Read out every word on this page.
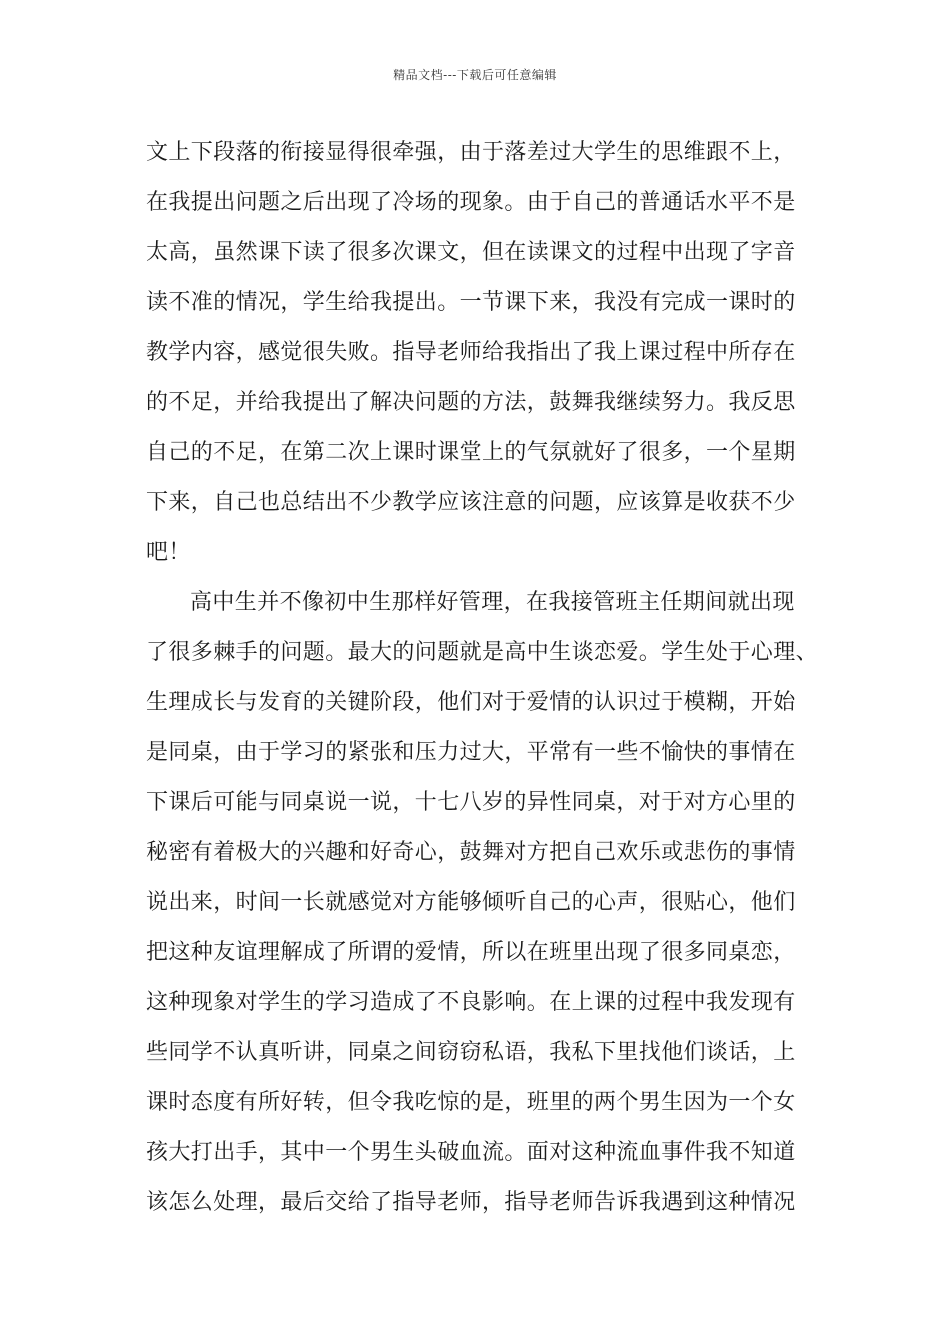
精品文档---下载后可任意编辑
文上下段落的衔接显得很牵强，由于落差过大学生的思维跟不上，
在我提出问题之后出现了冷场的现象。由于自己的普通话水平不是
太高，虽然课下读了很多次课文，但在读课文的过程中出现了字音
读不准的情况，学生给我提出。一节课下来，我没有完成一课时的
教学内容，感觉很失败。指导老师给我指出了我上课过程中所存在
的不足，并给我提出了解决问题的方法，鼓舞我继续努力。我反思
自己的不足，在第二次上课时课堂上的气氛就好了很多，一个星期
下来，自己也总结出不少教学应该注意的问题，应该算是收获不少
吧！
高中生并不像初中生那样好管理，在我接管班主任期间就出现
了很多棘手的问题。最大的问题就是高中生谈恋爱。学生处于心理、
生理成长与发育的关键阶段，他们对于爱情的认识过于模糊，开始
是同桌，由于学习的紧张和压力过大，平常有一些不愉快的事情在
下课后可能与同桌说一说，十七八岁的异性同桌，对于对方心里的
秘密有着极大的兴趣和好奇心，鼓舞对方把自己欢乐或悲伤的事情
说出来，时间一长就感觉对方能够倾听自己的心声，很贴心，他们
把这种友谊理解成了所谓的爱情，所以在班里出现了很多同桌恋，
这种现象对学生的学习造成了不良影响。在上课的过程中我发现有
些同学不认真听讲，同桌之间窃窃私语，我私下里找他们谈话，上
课时态度有所好转，但令我吃惊的是，班里的两个男生因为一个女
孩大打出手，其中一个男生头破血流。面对这种流血事件我不知道
该怎么处理，最后交给了指导老师，指导老师告诉我遇到这种情况
